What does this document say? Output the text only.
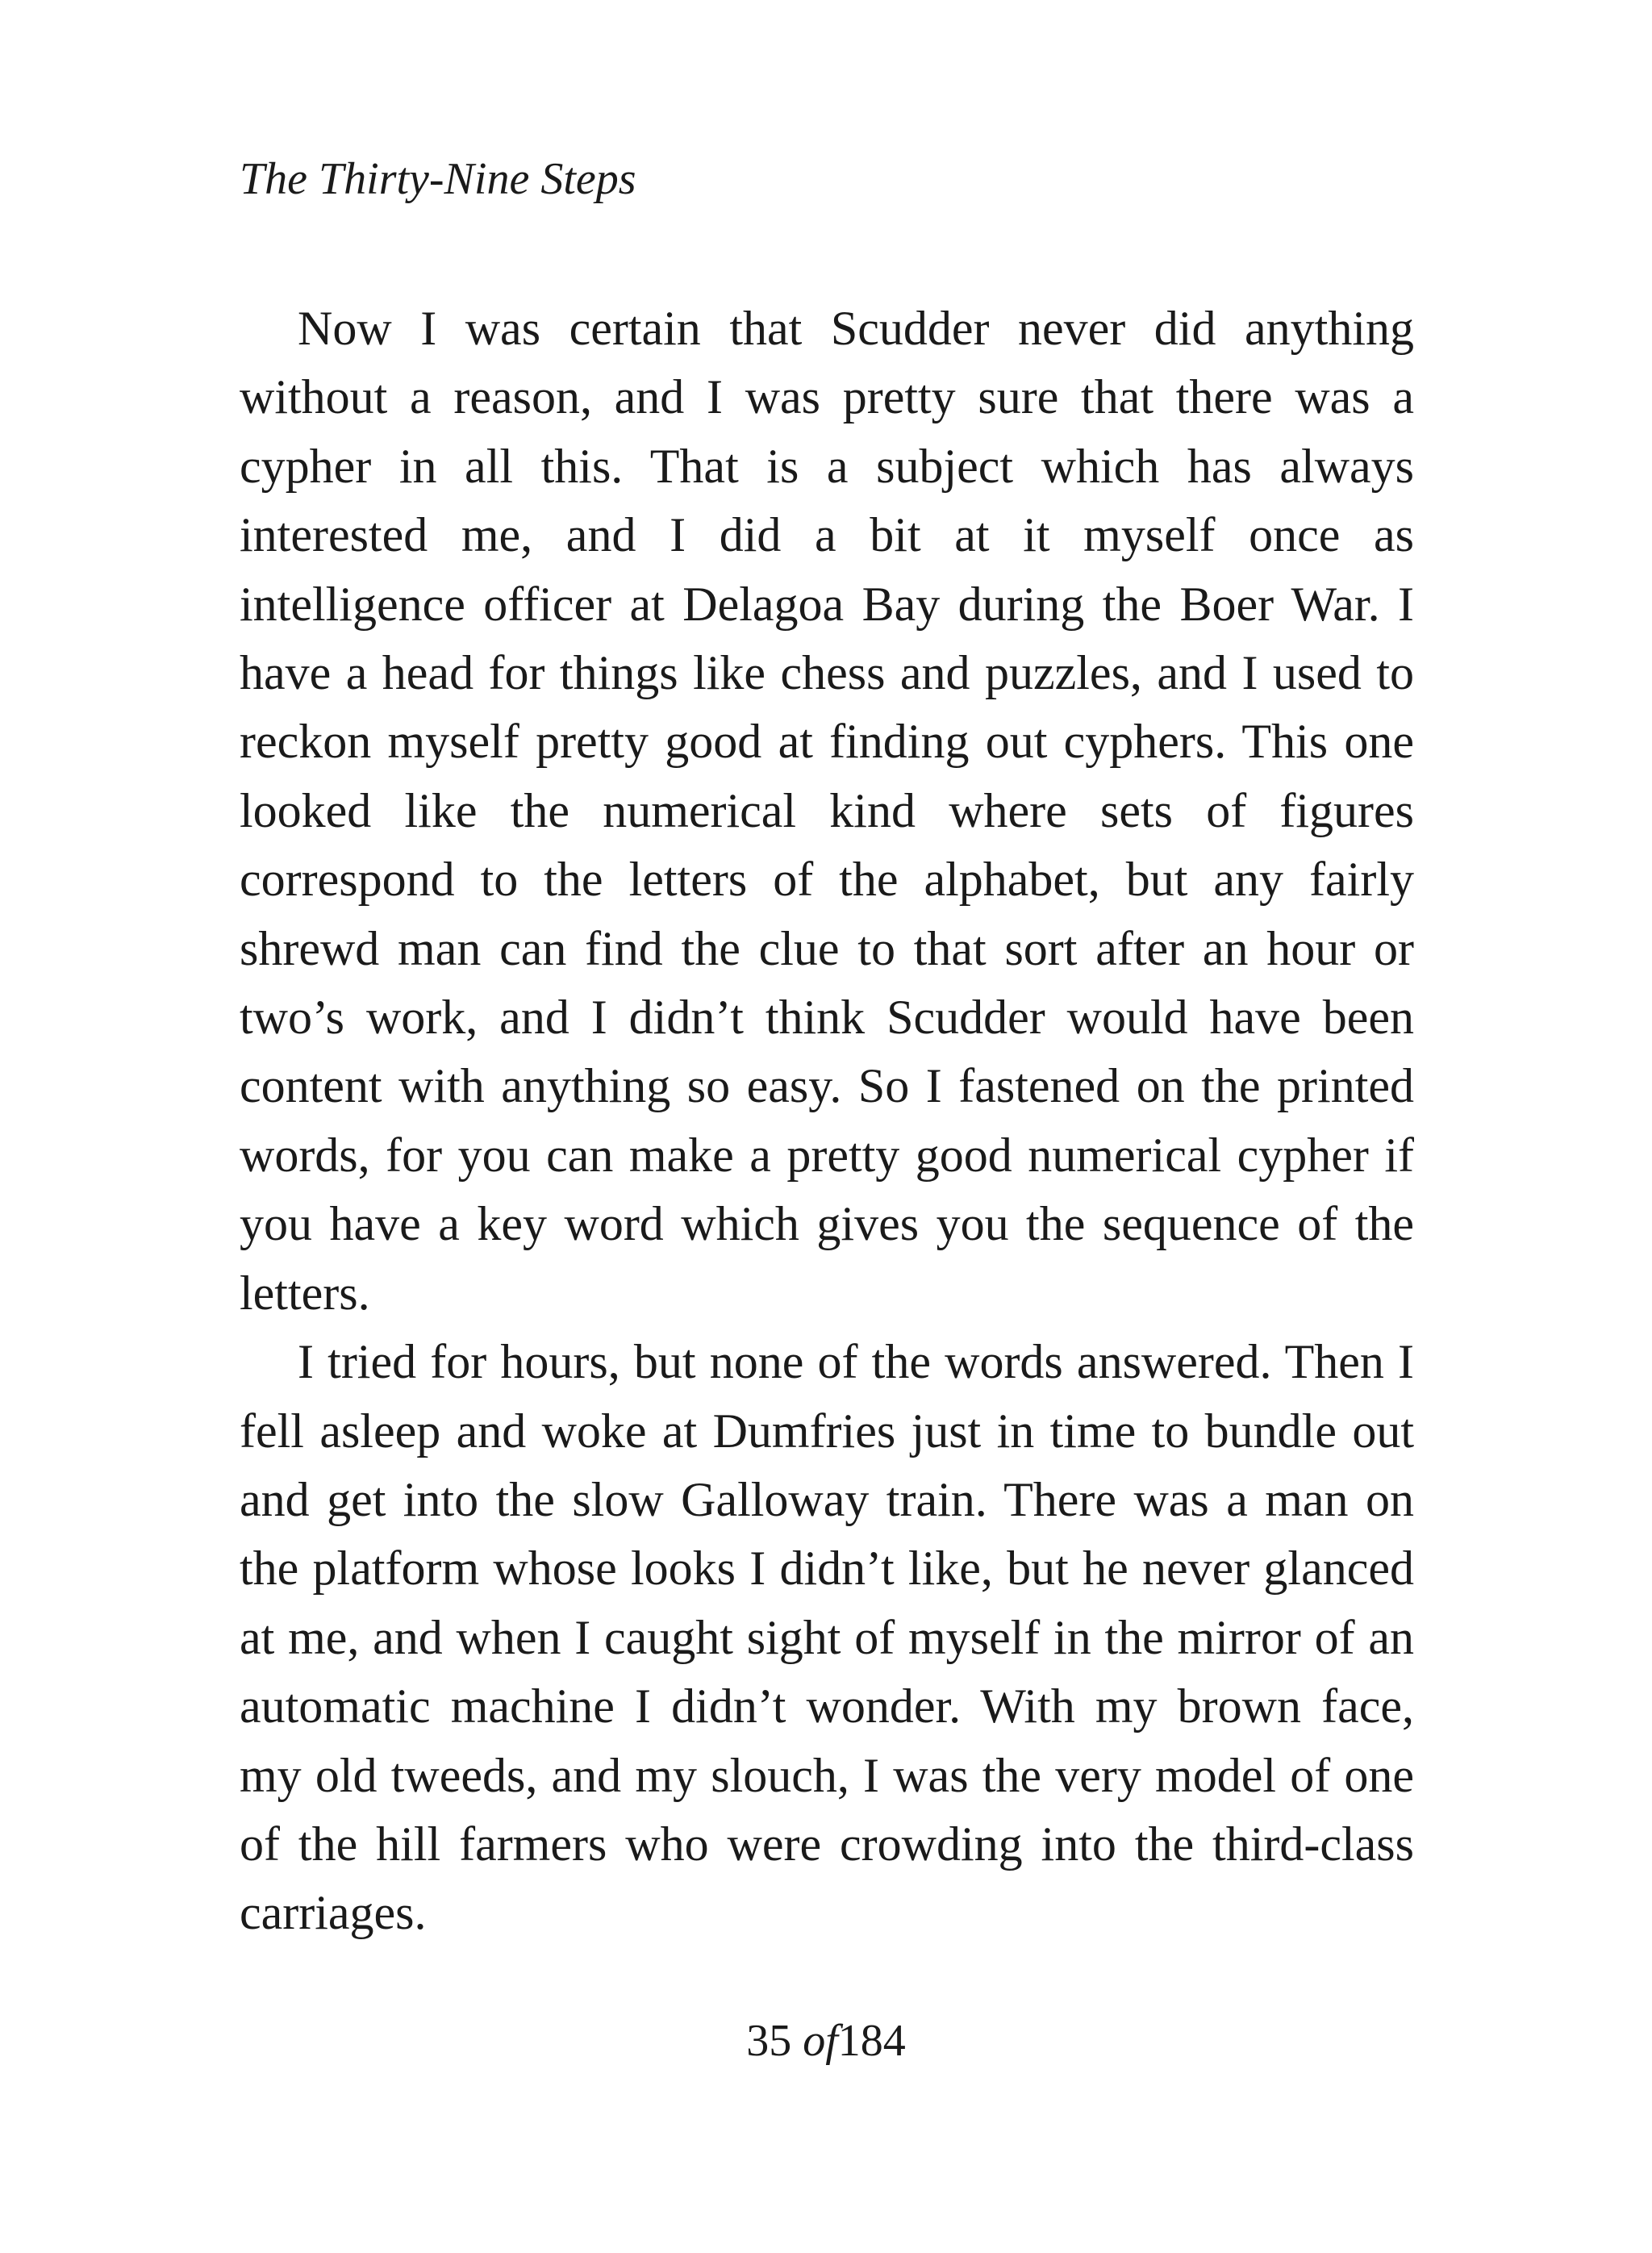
The Thirty-Nine Steps

Now I was certain that Scudder never did anything without a reason, and I was pretty sure that there was a cypher in all this. That is a subject which has always interested me, and I did a bit at it myself once as intelligence officer at Delagoa Bay during the Boer War. I have a head for things like chess and puzzles, and I used to reckon myself pretty good at finding out cyphers. This one looked like the numerical kind where sets of figures correspond to the letters of the alphabet, but any fairly shrewd man can find the clue to that sort after an hour or two’s work, and I didn’t think Scudder would have been content with anything so easy. So I fastened on the printed words, for you can make a pretty good numerical cypher if you have a key word which gives you the sequence of the letters.

I tried for hours, but none of the words answered. Then I fell asleep and woke at Dumfries just in time to bundle out and get into the slow Galloway train. There was a man on the platform whose looks I didn’t like, but he never glanced at me, and when I caught sight of myself in the mirror of an automatic machine I didn’t wonder. With my brown face, my old tweeds, and my slouch, I was the very model of one of the hill farmers who were crowding into the third-class carriages.

35 of184
